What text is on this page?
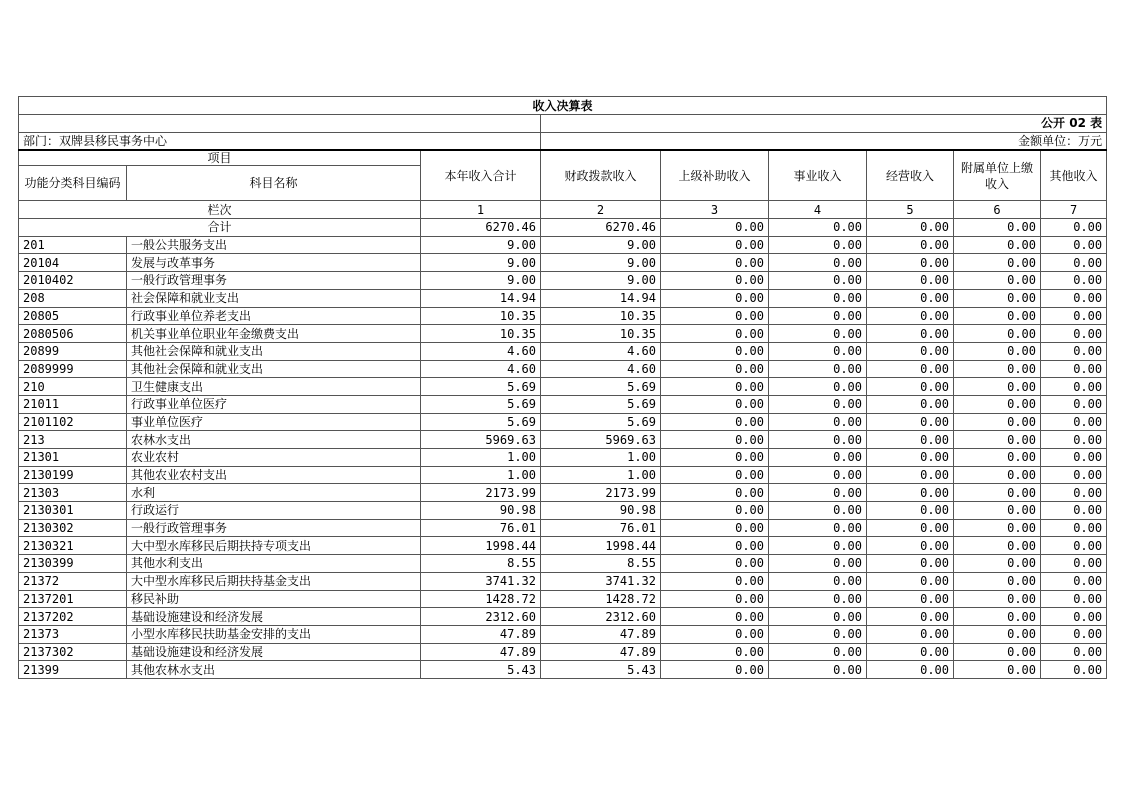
收入决算表								
			公开 02 表					
部门：双牌县移民事务中心			金额单位：万元					
项目		本年收入合计	财政拨款收入	上级补助收入	事业收入	经营收入	附属单位上缴收入	其他收入
功能分类科目编码	科目名称							
栏次		1	2	3	4	5	6	7
合计		6270.46	6270.46	0.00	0.00	0.00	0.00	0.00
201	一般公共服务支出	9.00	9.00	0.00	0.00	0.00	0.00	0.00
20104	发展与改革事务	9.00	9.00	0.00	0.00	0.00	0.00	0.00
2010402	一般行政管理事务	9.00	9.00	0.00	0.00	0.00	0.00	0.00
208	社会保障和就业支出	14.94	14.94	0.00	0.00	0.00	0.00	0.00
20805	行政事业单位养老支出	10.35	10.35	0.00	0.00	0.00	0.00	0.00
2080506	机关事业单位职业年金缴费支出	10.35	10.35	0.00	0.00	0.00	0.00	0.00
20899	其他社会保障和就业支出	4.60	4.60	0.00	0.00	0.00	0.00	0.00
2089999	其他社会保障和就业支出	4.60	4.60	0.00	0.00	0.00	0.00	0.00
210	卫生健康支出	5.69	5.69	0.00	0.00	0.00	0.00	0.00
21011	行政事业单位医疗	5.69	5.69	0.00	0.00	0.00	0.00	0.00
2101102	事业单位医疗	5.69	5.69	0.00	0.00	0.00	0.00	0.00
213	农林水支出	5969.63	5969.63	0.00	0.00	0.00	0.00	0.00
21301	农业农村	1.00	1.00	0.00	0.00	0.00	0.00	0.00
2130199	其他农业农村支出	1.00	1.00	0.00	0.00	0.00	0.00	0.00
21303	水利	2173.99	2173.99	0.00	0.00	0.00	0.00	0.00
2130301	行政运行	90.98	90.98	0.00	0.00	0.00	0.00	0.00
2130302	一般行政管理事务	76.01	76.01	0.00	0.00	0.00	0.00	0.00
2130321	大中型水库移民后期扶持专项支出	1998.44	1998.44	0.00	0.00	0.00	0.00	0.00
2130399	其他水利支出	8.55	8.55	0.00	0.00	0.00	0.00	0.00
21372	大中型水库移民后期扶持基金支出	3741.32	3741.32	0.00	0.00	0.00	0.00	0.00
2137201	移民补助	1428.72	1428.72	0.00	0.00	0.00	0.00	0.00
2137202	基础设施建设和经济发展	2312.60	2312.60	0.00	0.00	0.00	0.00	0.00
21373	小型水库移民扶助基金安排的支出	47.89	47.89	0.00	0.00	0.00	0.00	0.00
2137302	基础设施建设和经济发展	47.89	47.89	0.00	0.00	0.00	0.00	0.00
21399	其他农林水支出	5.43	5.43	0.00	0.00	0.00	0.00	0.00
